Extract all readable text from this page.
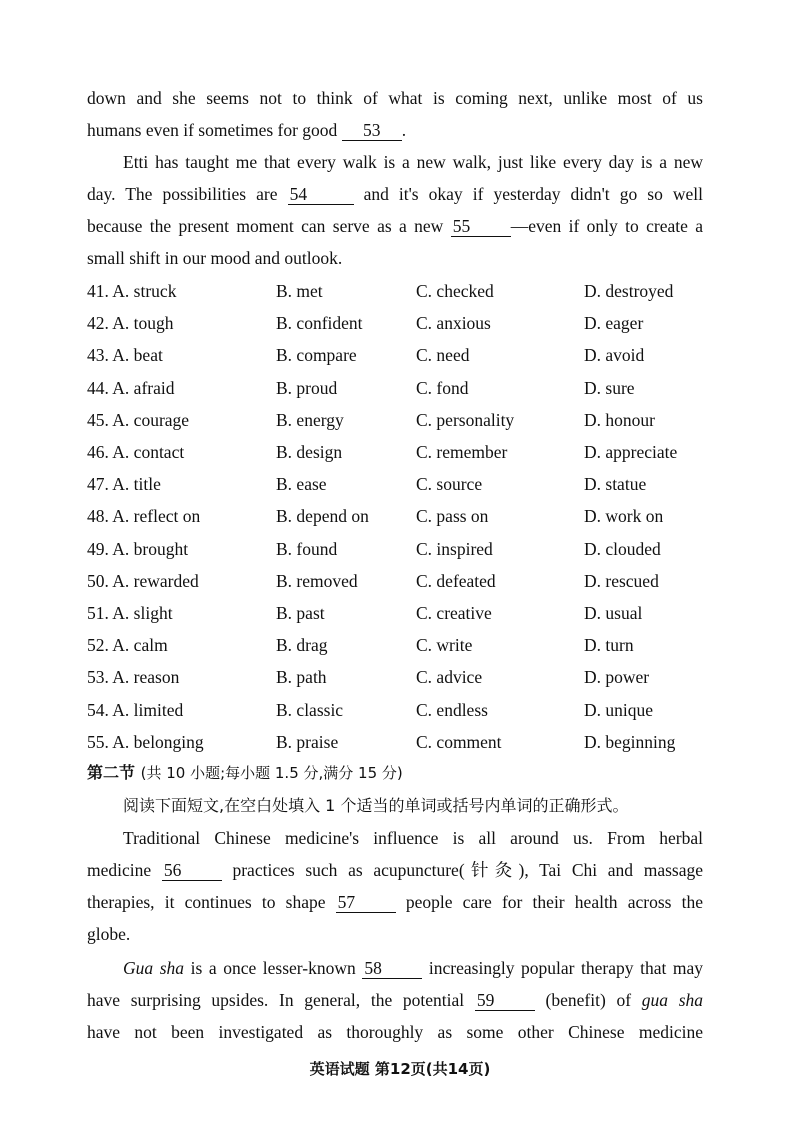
down and she seems not to think of what is coming next, unlike most of us
humans even if sometimes for good 53 .
Etti has taught me that every walk is a new walk, just like every day is a new
day. The possibilities are 54	and it's okay if yesterday didn't go so well
because the present moment can serve as a new 55 —even if only to create a
small shift in our mood and outlook.
41. A. struck	B. met	C. checked	D. destroyed
42. A. tough	B. confident	C. anxious	D. eager
43. A. beat	B. compare	C. need	D. avoid
44. A. afraid	B. proud	C. fond	D. sure
45. A. courage	B. energy	C. personality	D. honour
46. A. contact	B. design	C. remember	D. appreciate
47. A. title	B. ease	C. source	D. statue
48. A. reflect on	B. depend on	C. pass on	D. work on
49. A. brought	B. found	C. inspired	D. clouded
50. A. rewarded	B. removed	C. defeated	D. rescued
51. A. slight	B. past	C. creative	D. usual
52. A. calm	B. drag	C. write	D. turn
53. A. reason	B. path	C. advice	D. power
54. A. limited	B. classic	C. endless	D. unique
55. A. belonging	B. praise	C. comment	D. beginning
第二节 (共 10 小题;每小题 1.5 分,满分 15 分)
阅读下面短文,在空白处填入 1 个适当的单词或括号内单词的正确形式。
Traditional Chinese medicine's influence is all around us. From herbal
medicine 56	practices such as acupuncture(针灸), Tai Chi and massage
therapies, it continues to shape 57	people care for their health across the
globe.
Gua sha is a once lesser-known 58	increasingly popular therapy that may
have surprising upsides. In general, the potential 59	(benefit) of gua sha
have not been investigated as thoroughly as some other Chinese medicine
英语试题 第12页(共14页)
